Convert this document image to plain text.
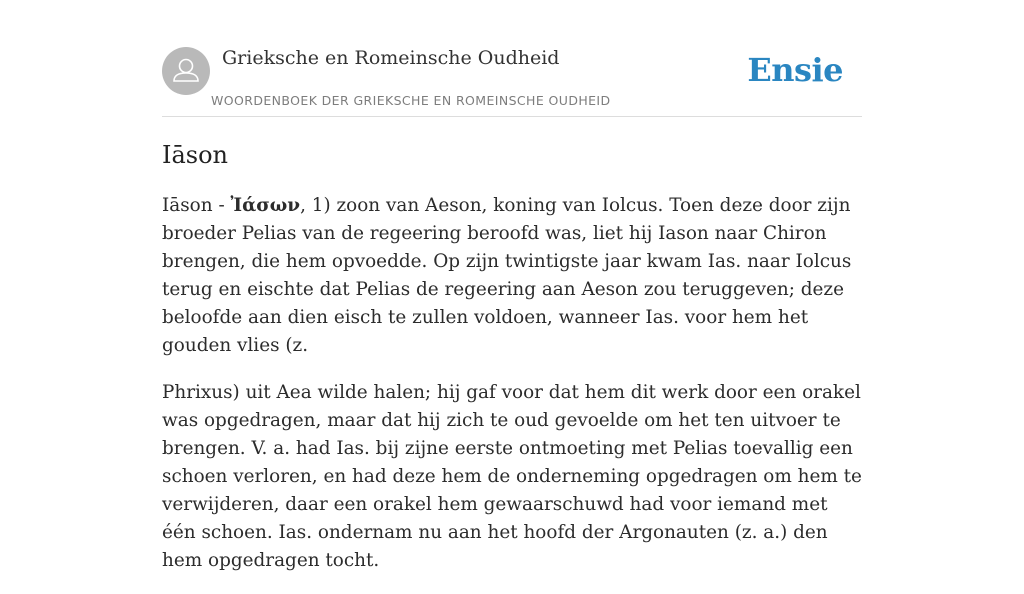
Grieksche en Romeinsche Oudheid
WOORDENBOEK DER GRIEKSCHE EN ROMEINSCHE OUDHEID
Ensie
Iāson

Iāson - Ἰάσων, 1) zoon van Aeson, koning van Iolcus. Toen deze door zijn broeder Pelias van de regeering beroofd was, liet hij Iason naar Chiron brengen, die hem opvoedde. Op zijn twintigste jaar kwam Ias. naar Iolcus terug en eischte dat Pelias de regeering aan Aeson zou teruggeven; deze beloofde aan dien eisch te zullen voldoen, wanneer Ias. voor hem het gouden vlies (z.

Phrixus) uit Aea wilde halen; hij gaf voor dat hem dit werk door een orakel was opgedragen, maar dat hij zich te oud gevoelde om het ten uitvoer te brengen. V. a. had Ias. bij zijne eerste ontmoeting met Pelias toevallig een schoen verloren, en had deze hem de onderneming opgedragen om hem te verwijderen, daar een orakel hem gewaarschuwd had voor iemand met één schoen. Ias. ondernam nu aan het hoofd der Argonauten (z. a.) den hem opgedragen tocht.
